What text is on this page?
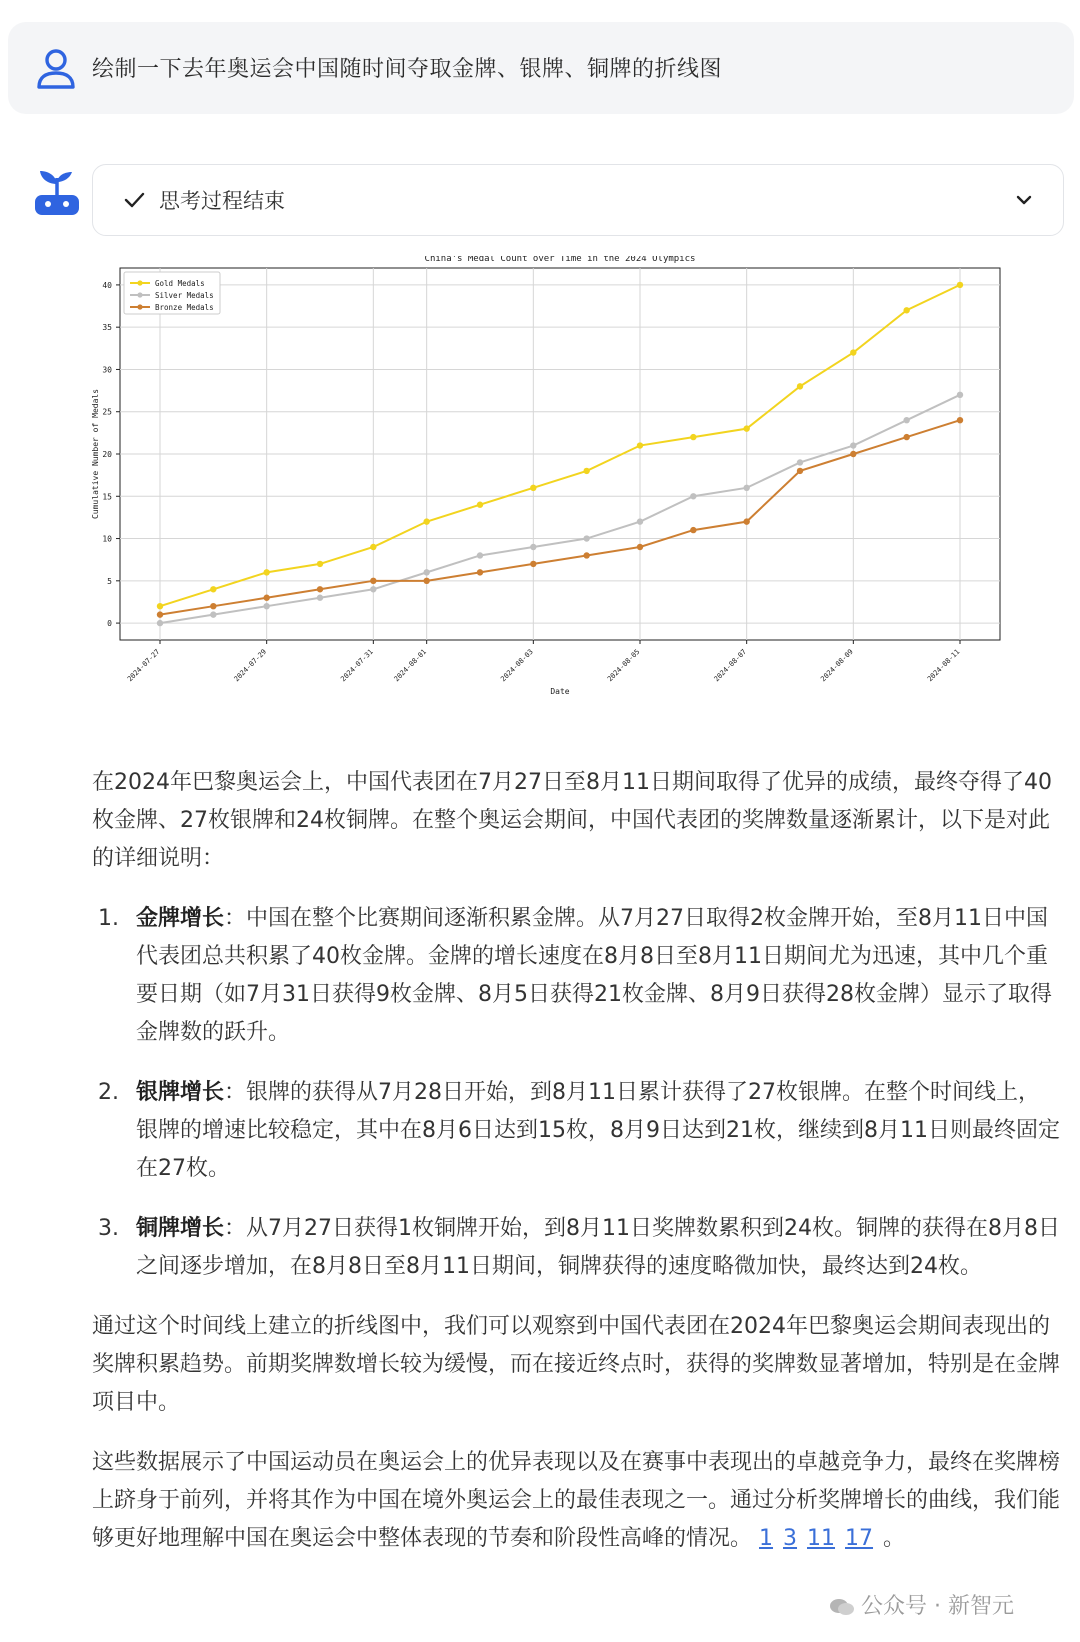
绘制一下去年奥运会中国随时间夺取金牌、银牌、铜牌的折线图
思考过程结束
China's Medal Count over Time in the 2024 Olympics
0
5
10
15
20
25
30
35
40
2024-07-27	2024-07-29	2024-07-31	2024-08-01	2024-08-03	2024-08-05	2024-08-07	2024-08-09	2024-08-11
Gold Medals
Silver Medals
Bronze Medals
Date
Cumulative Number of Medals

在2024年巴黎奥运会上，中国代表团在7月27日至8月11日期间取得了优异的成绩，最终夺得了40枚金牌、27枚银牌和24枚铜牌。在整个奥运会期间，中国代表团的奖牌数量逐渐累计，以下是对此的详细说明：

1. 金牌增长：中国在整个比赛期间逐渐积累金牌。从7月27日取得2枚金牌开始，至8月11日中国代表团总共积累了40枚金牌。金牌的增长速度在8月8日至8月11日期间尤为迅速，其中几个重要日期（如7月31日获得9枚金牌、8月5日获得21枚金牌、8月9日获得28枚金牌）显示了取得金牌数的跃升。
2. 银牌增长：银牌的获得从7月28日开始，到8月11日累计获得了27枚银牌。在整个时间线上，银牌的增速比较稳定，其中在8月6日达到15枚，8月9日达到21枚，继续到8月11日则最终固定在27枚。
3. 铜牌增长：从7月27日获得1枚铜牌开始，到8月11日奖牌数累积到24枚。铜牌的获得在8月8日之间逐步增加，在8月8日至8月11日期间，铜牌获得的速度略微加快，最终达到24枚。

通过这个时间线上建立的折线图中，我们可以观察到中国代表团在2024年巴黎奥运会期间表现出的奖牌积累趋势。前期奖牌数增长较为缓慢，而在接近终点时，获得的奖牌数显著增加，特别是在金牌项目中。

这些数据展示了中国运动员在奥运会上的优异表现以及在赛事中表现出的卓越竞争力，最终在奖牌榜上跻身于前列，并将其作为中国在境外奥运会上的最佳表现之一。通过分析奖牌增长的曲线，我们能够更好地理解中国在奥运会中整体表现的节奏和阶段性高峰的情况。 1 3 11 17 。

公众号 · 新智元
